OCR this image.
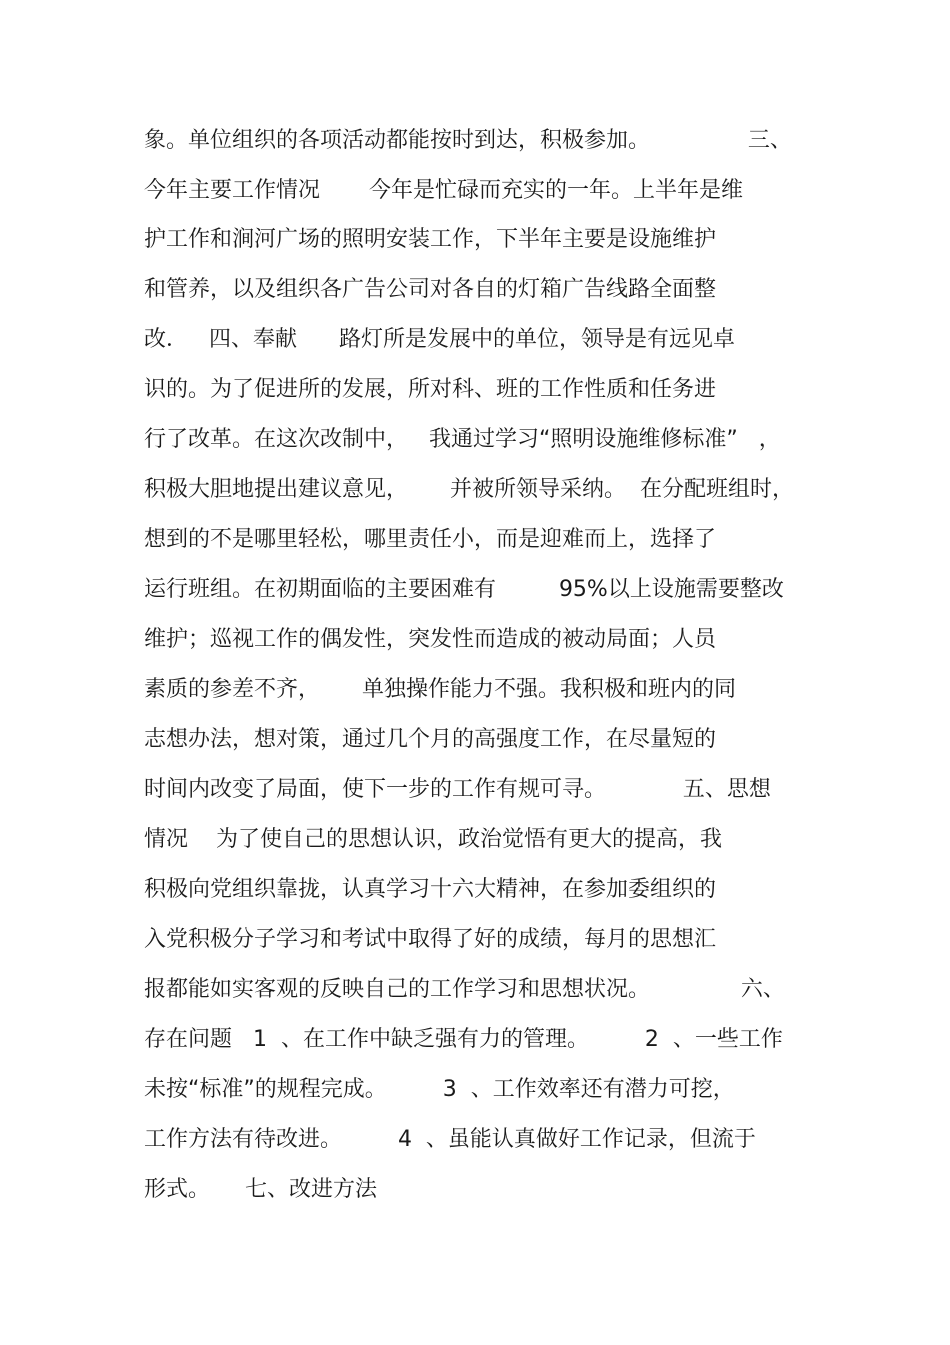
象。单位组织的各项活动都能按时到达，积极参加。              三、
今年主要工作情况       今年是忙碌而充实的一年。上半年是维
护工作和涧河广场的照明安装工作，下半年主要是设施维护
和管养，以及组织各广告公司对各自的灯箱广告线路全面整
改．   四、奉献      路灯所是发展中的单位，领导是有远见卓
识的。为了促进所的发展，所对科、班的工作性质和任务进
行了改革。在这次改制中，   我通过学习“照明设施维修标准”   ，
积极大胆地提出建议意见，      并被所领导采纳。  在分配班组时，
想到的不是哪里轻松，哪里责任小，而是迎难而上，选择了
运行班组。在初期面临的主要困难有         95%以上设施需要整改
维护；巡视工作的偶发性，突发性而造成的被动局面；人员
素质的参差不齐，      单独操作能力不强。我积极和班内的同
志想办法，想对策，通过几个月的高强度工作，在尽量短的
时间内改变了局面，使下一步的工作有规可寻。           五、思想
情况    为了使自己的思想认识，政治觉悟有更大的提高，我
积极向党组织靠拢，认真学习十六大精神，在参加委组织的
入党积极分子学习和考试中取得了好的成绩，每月的思想汇
报都能如实客观的反映自己的工作学习和思想状况。             六、
存在问题   1  、在工作中缺乏强有力的管理。        2  、一些工作
未按“标准”的规程完成。        3  、工作效率还有潜力可挖，
工作方法有待改进。        4  、虽能认真做好工作记录，但流于
形式。     七、改进方法
